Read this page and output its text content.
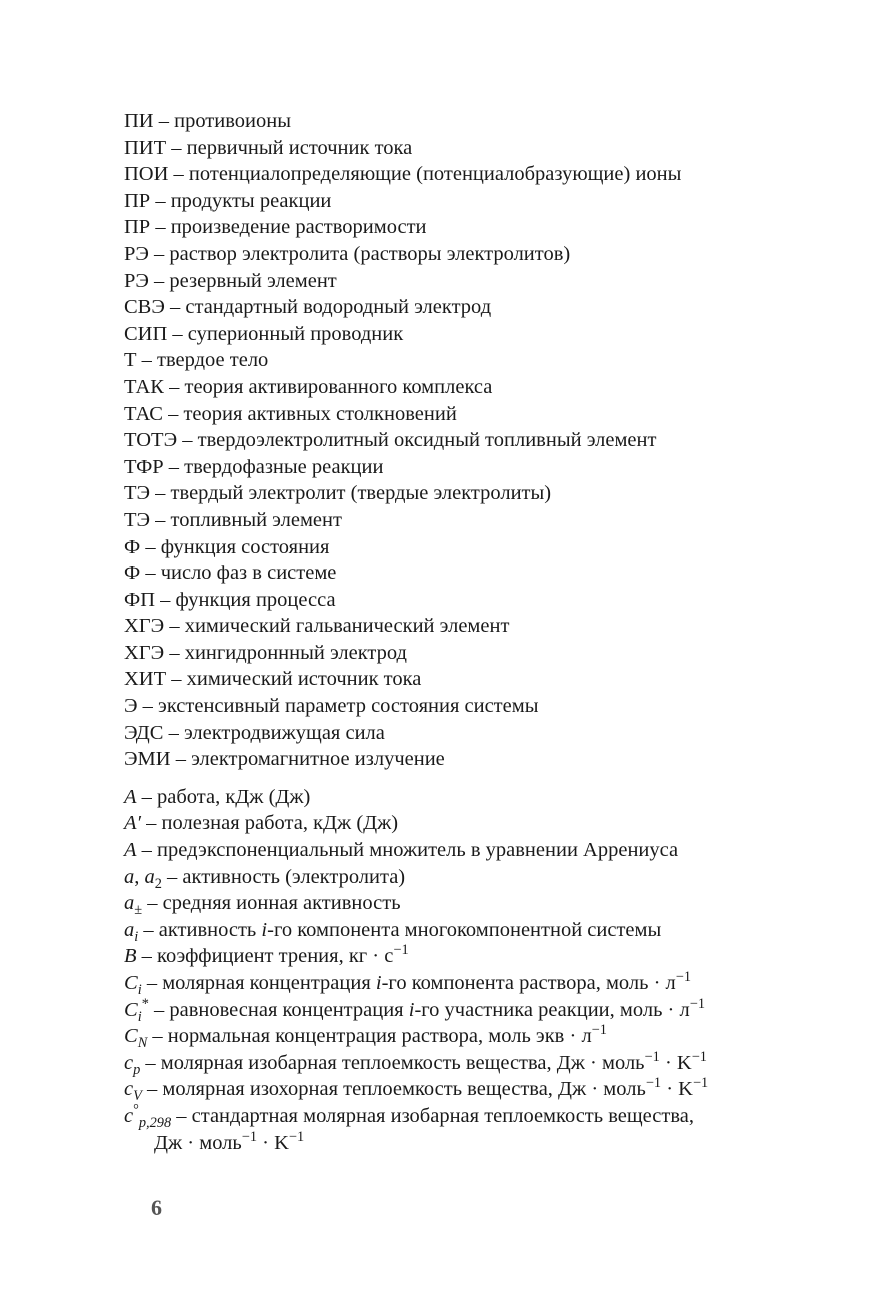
ПИ – противоионы
ПИТ – первичный источник тока
ПОИ – потенциалопределяющие (потенциалобразующие) ионы
ПР – продукты реакции
ПР – произведение растворимости
РЭ – раствор электролита (растворы электролитов)
РЭ – резервный элемент
СВЭ – стандартный водородный электрод
СИП – суперионный проводник
Т – твердое тело
ТАК – теория активированного комплекса
ТАС – теория активных столкновений
ТОТЭ – твердоэлектролитный оксидный топливный элемент
ТФР – твердофазные реакции
ТЭ – твердый электролит (твердые электролиты)
ТЭ – топливный элемент
Ф – функция состояния
Ф – число фаз в системе
ФП – функция процесса
ХГЭ – химический гальванический элемент
ХГЭ – хингидроннный электрод
ХИТ – химический источник тока
Э – экстенсивный параметр состояния системы
ЭДС – электродвижущая сила
ЭМИ – электромагнитное излучение
A – работа, кДж (Дж)
A′ – полезная работа, кДж (Дж)
A – предэкспоненциальный множитель в уравнении Аррениуса
a, $a_2$ – активность (электролита)
$a_\pm$ – средняя ионная активность
$a_i$ – активность i-го компонента многокомпонентной системы
B – коэффициент трения, кг · $с^{-1}$
$C_i$ – молярная концентрация i-го компонента раствора, моль · $л^{-1}$
$C_i^*$ – равновесная концентрация i-го участника реакции, моль · $л^{-1}$
$C_N$ – нормальная концентрация раствора, моль экв · $л^{-1}$
$c_p$ – молярная изобарная теплоемкость вещества, Дж · моль$^{-1}$ · $K^{-1}$
$c_V$ – молярная изохорная теплоемкость вещества, Дж · моль$^{-1}$ · $K^{-1}$
$c^\circ_{p,298}$ – стандартная молярная изобарная теплоемкость вещества,
Дж · моль$^{-1}$ · $K^{-1}$
6
